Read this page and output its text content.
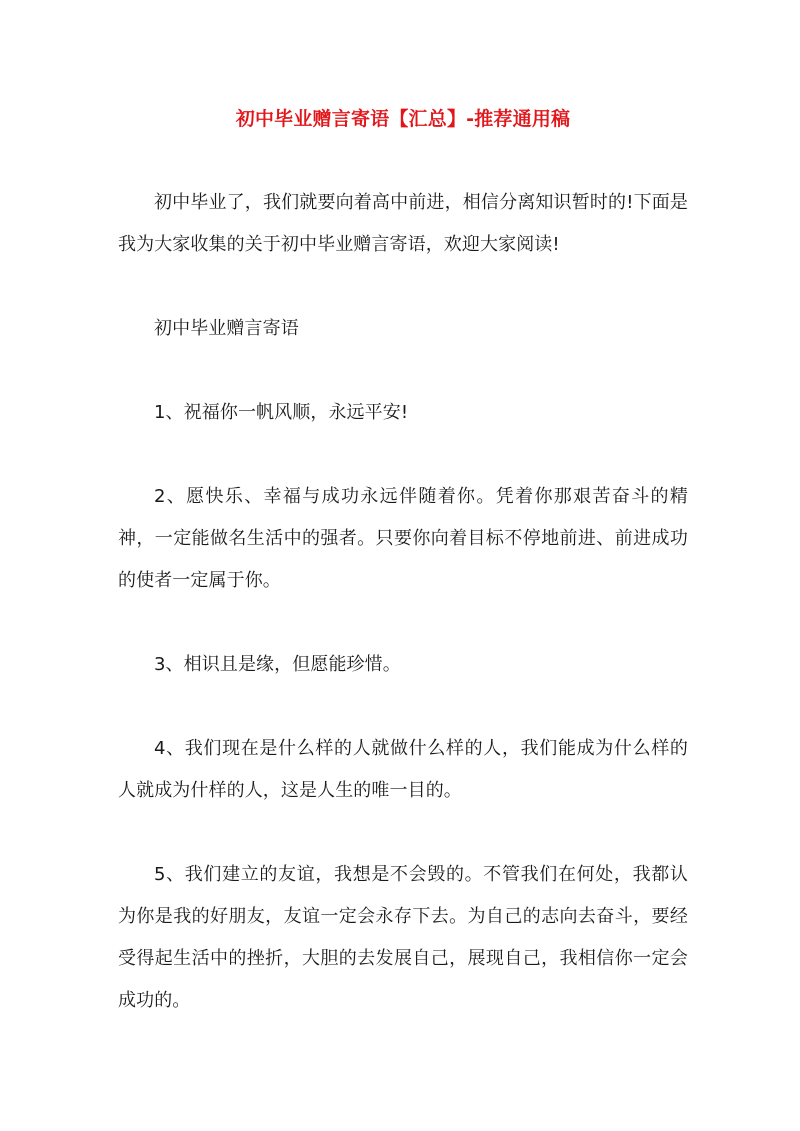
初中毕业赠言寄语【汇总】-推荐通用稿

初中毕业了，我们就要向着高中前进，相信分离知识暂时的!下面是我为大家收集的关于初中毕业赠言寄语，欢迎大家阅读!

初中毕业赠言寄语

1、祝福你一帆风顺，永远平安!

2、愿快乐、幸福与成功永远伴随着你。凭着你那艰苦奋斗的精神，一定能做名生活中的强者。只要你向着目标不停地前进、前进成功的使者一定属于你。

3、相识且是缘，但愿能珍惜。

4、我们现在是什么样的人就做什么样的人，我们能成为什么样的人就成为什样的人，这是人生的唯一目的。

5、我们建立的友谊，我想是不会毁的。不管我们在何处，我都认为你是我的好朋友，友谊一定会永存下去。为自己的志向去奋斗，要经受得起生活中的挫折，大胆的去发展自己，展现自己，我相信你一定会成功的。
